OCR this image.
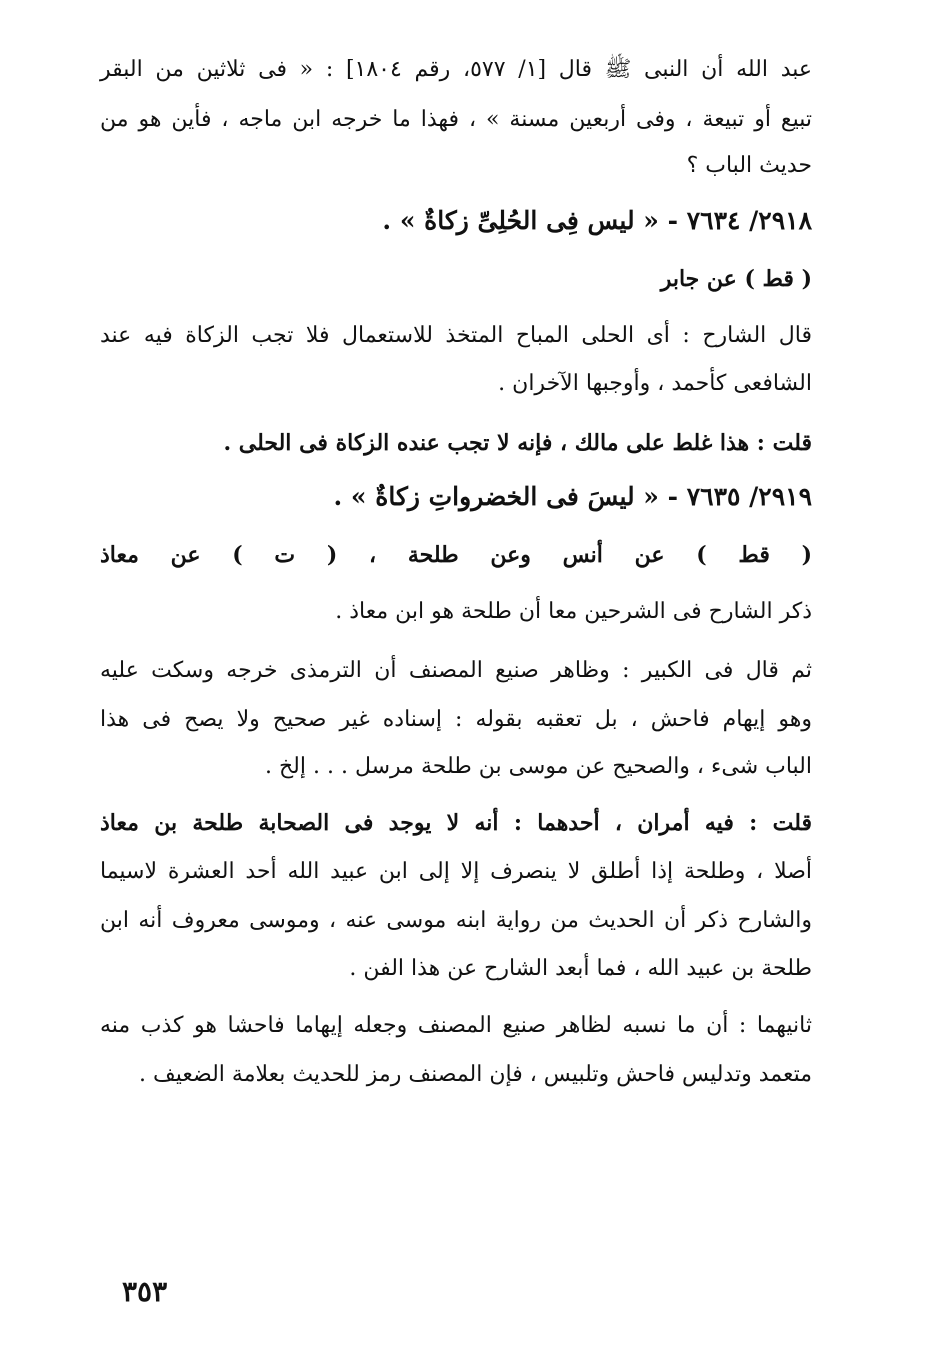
عبد الله أن النبى ﷺ قال [١/ ٥٧٧، رقم ١٨٠٤] : « فى ثلاثين من البقر
تبيع أو تبيعة ، وفى أربعين مسنة » ، فهذا ما خرجه ابن ماجه ، فأين هو من
حديث الباب ؟
٢٩١٨/ ٧٦٣٤ - « ليس فِى الحُلِىِّ زكاةٌ » .
( قط ) عن جابر
قال الشارح : أى الحلى المباح المتخذ للاستعمال فلا تجب الزكاة فيه عند
الشافعى كأحمد ، وأوجبها الآخران .
قلت : هذا غلط على مالك ، فإنه لا تجب عنده الزكاة فى الحلى .
٢٩١٩/ ٧٦٣٥ - « ليسَ فى الخضرواتِ زكاةٌ » .
( قط ) عن أنس وعن طلحة ، ( ت ) عن معاذ
ذكر الشارح فى الشرحين معا أن طلحة هو ابن معاذ .
ثم قال فى الكبير : وظاهر صنيع المصنف أن الترمذى خرجه وسكت عليه
وهو إيهام فاحش ، بل تعقبه بقوله : إسناده غير صحيح ولا يصح فى هذا
الباب شىء ، والصحيح عن موسى بن طلحة مرسل . . . إلخ .
قلت : فيه أمران ، أحدهما : أنه لا يوجد فى الصحابة طلحة بن معاذ
أصلا ، وطلحة إذا أطلق لا ينصرف إلا إلى ابن عبيد الله أحد العشرة لاسيما
والشارح ذكر أن الحديث من رواية ابنه موسى عنه ، وموسى معروف أنه ابن
طلحة بن عبيد الله ، فما أبعد الشارح عن هذا الفن .
ثانيهما : أن ما نسبه لظاهر صنيع المصنف وجعله إيهاما فاحشا هو كذب منه
متعمد وتدليس فاحش وتلبيس ، فإن المصنف رمز للحديث بعلامة الضعيف .
٣٥٣
